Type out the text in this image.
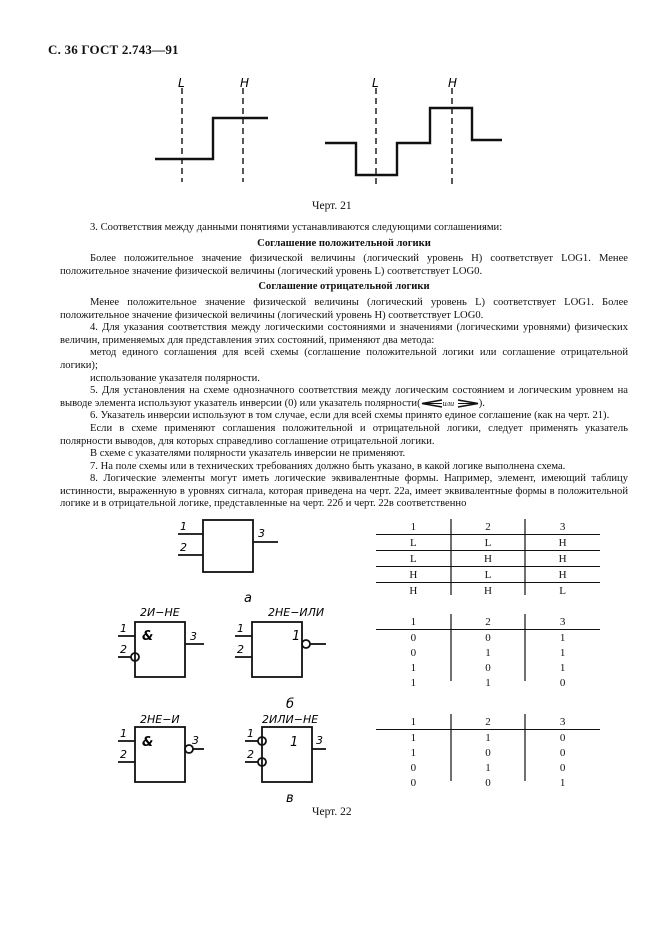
С. 36 ГОСТ 2.743—91
L	H	L	H
Черт. 21

3. Соответствия между данными понятиями устанавливаются следующими соглашениями:

Соглашение положительной логики

Более положительное значение физической величины (логический уровень H) соответствует LOG1. Менее положительное значение физической величины (логический уровень L) соответствует LOG0.

Соглашение отрицательной логики

Менее положительное значение физической величины (логический уровень L) соответствует LOG1. Более положительное значение физической величины (логический уровень H) соответствует LOG0.

4. Для указания соответствия между логическими состояниями и значениями (логическими уровнями) физических величин, применяемых для представления этих состояний, применяют два метода:

метод единого соглашения для всей схемы (соглашение положительной логики или соглашение отрицательной логики);

использование указателя полярности.

5. Для установления на схеме однозначного соответствия между логическим состоянием и логическим уровнем на выводе элемента используют указатель инверсии (0) или указатель полярности(	или ).

6. Указатель инверсии используют в том случае, если для всей схемы принято единое соглашение (как на черт. 21).

Если в схеме применяют соглашения положительной и отрицательной логики, следует применять указатель полярности выводов, для которых справедливо соглашение отрицательной логики.

В схеме с указателями полярности указатель инверсии не применяют.

7. На поле схемы или в технических требованиях должно быть указано, в какой логике выполнена схема.

8. Логические элементы могут иметь логические эквивалентные формы. Например, элемент, имеющий таблицу истинности, выраженную в уровнях сигнала, которая приведена на черт. 22а, имеет эквивалентные формы в положительной логике и в отрицательной логике, представленные на черт. 22б и черт. 22в соответственно

1
2
3
а
2И−НЕ
1
2
3
&
2НЕ−ИЛИ
1
2
1
б
2НЕ−И
1
2
3
&
2ИЛИ−НЕ
1
2
3
1
в
1	2	3
L	L	H
L	H	H
H	L	H
H	H	L
1	2	3
0	0	1
0	1	1
1	0	1
1	1	0
1	2	3
1	1	0
1	0	0
0	1	0
0	0	1
Черт. 22
